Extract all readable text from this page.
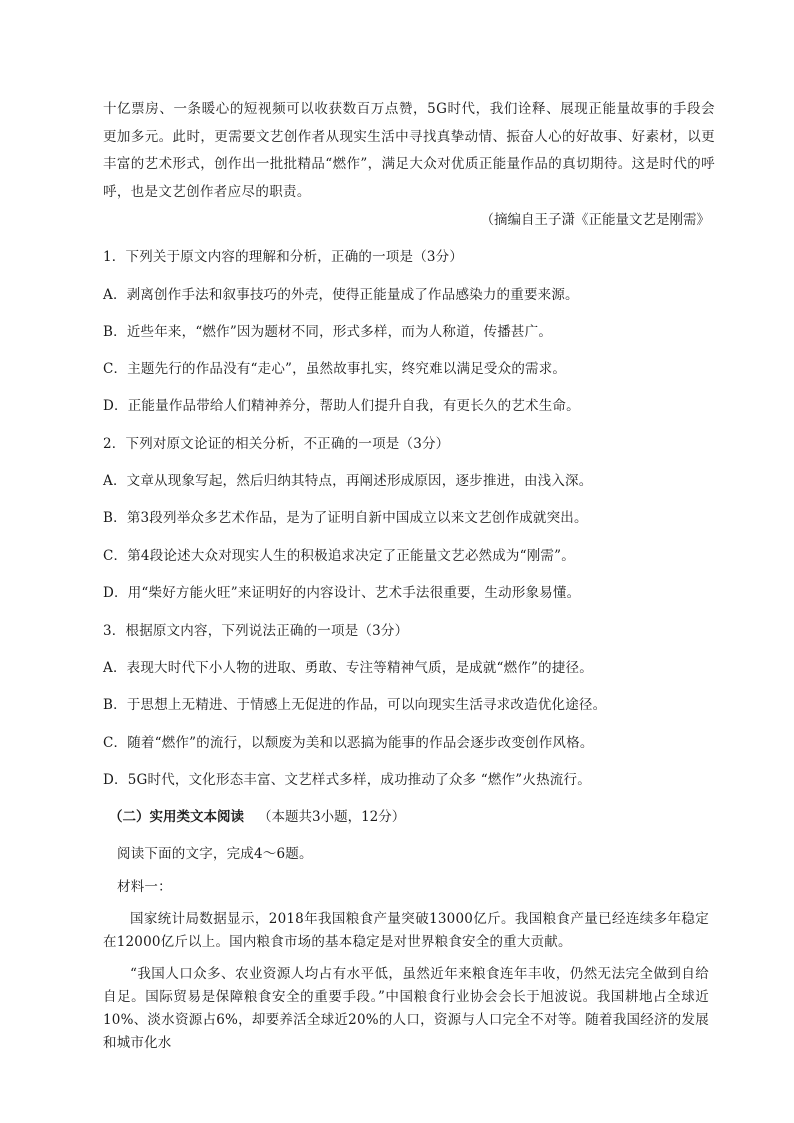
十亿票房、一条暖心的短视频可以收获数百万点赞，5G时代，我们诠释、展现正能量故事的手段会更加多元。此时，更需要文艺创作者从现实生活中寻找真挚动情、振奋人心的好故事、好素材，以更丰富的艺术形式，创作出一批批精品“燃作”，满足大众对优质正能量作品的真切期待。这是时代的呼呼，也是文艺创作者应尽的职责。
（摘编自王子潇《正能量文艺是刚需》
1．下列关于原文内容的理解和分析，正确的一项是（3分）
A．剥离创作手法和叙事技巧的外壳，使得正能量成了作品感染力的重要来源。
B．近些年来，“燃作”因为题材不同，形式多样，而为人称道，传播甚广。
C．主题先行的作品没有“走心”，虽然故事扎实，终究难以满足受众的需求。
D．正能量作品带给人们精神养分，帮助人们提升自我，有更长久的艺术生命。
2．下列对原文论证的相关分析，不正确的一项是（3分）
A．文章从现象写起，然后归纳其特点，再阐述形成原因，逐步推进，由浅入深。
B．第3段列举众多艺术作品，是为了证明自新中国成立以来文艺创作成就突出。
C．第4段论述大众对现实人生的积极追求决定了正能量文艺必然成为“刚需”。
D．用“柴好方能火旺”来证明好的内容设计、艺术手法很重要，生动形象易懂。
3．根据原文内容，下列说法正确的一项是（3分）
A．表现大时代下小人物的进取、勇敢、专注等精神气质，是成就“燃作”的捷径。
B．于思想上无精进、于情感上无促进的作品，可以向现实生活寻求改造优化途径。
C．随着“燃作”的流行，以颓废为美和以恶搞为能事的作品会逐步改变创作风格。
D．5G时代，文化形态丰富、文艺样式多样，成功推动了众多 “燃作”火热流行。
（二）实用类文本阅读 （本题共3小题，12分）
阅读下面的文字，完成4～6题。
材料一：
国家统计局数据显示，2018年我国粮食产量突破13000亿斤。我国粮食产量已经连续多年稳定在12000亿斤以上。国内粮食市场的基本稳定是对世界粮食安全的重大贡献。
“我国人口众多、农业资源人均占有水平低，虽然近年来粮食连年丰收，仍然无法完全做到自给自足。国际贸易是保障粮食安全的重要手段。”中国粮食行业协会会长于旭波说。我国耕地占全球近10%、淡水资源占6%，却要养活全球近20%的人口，资源与人口完全不对等。随着我国经济的发展和城市化水
